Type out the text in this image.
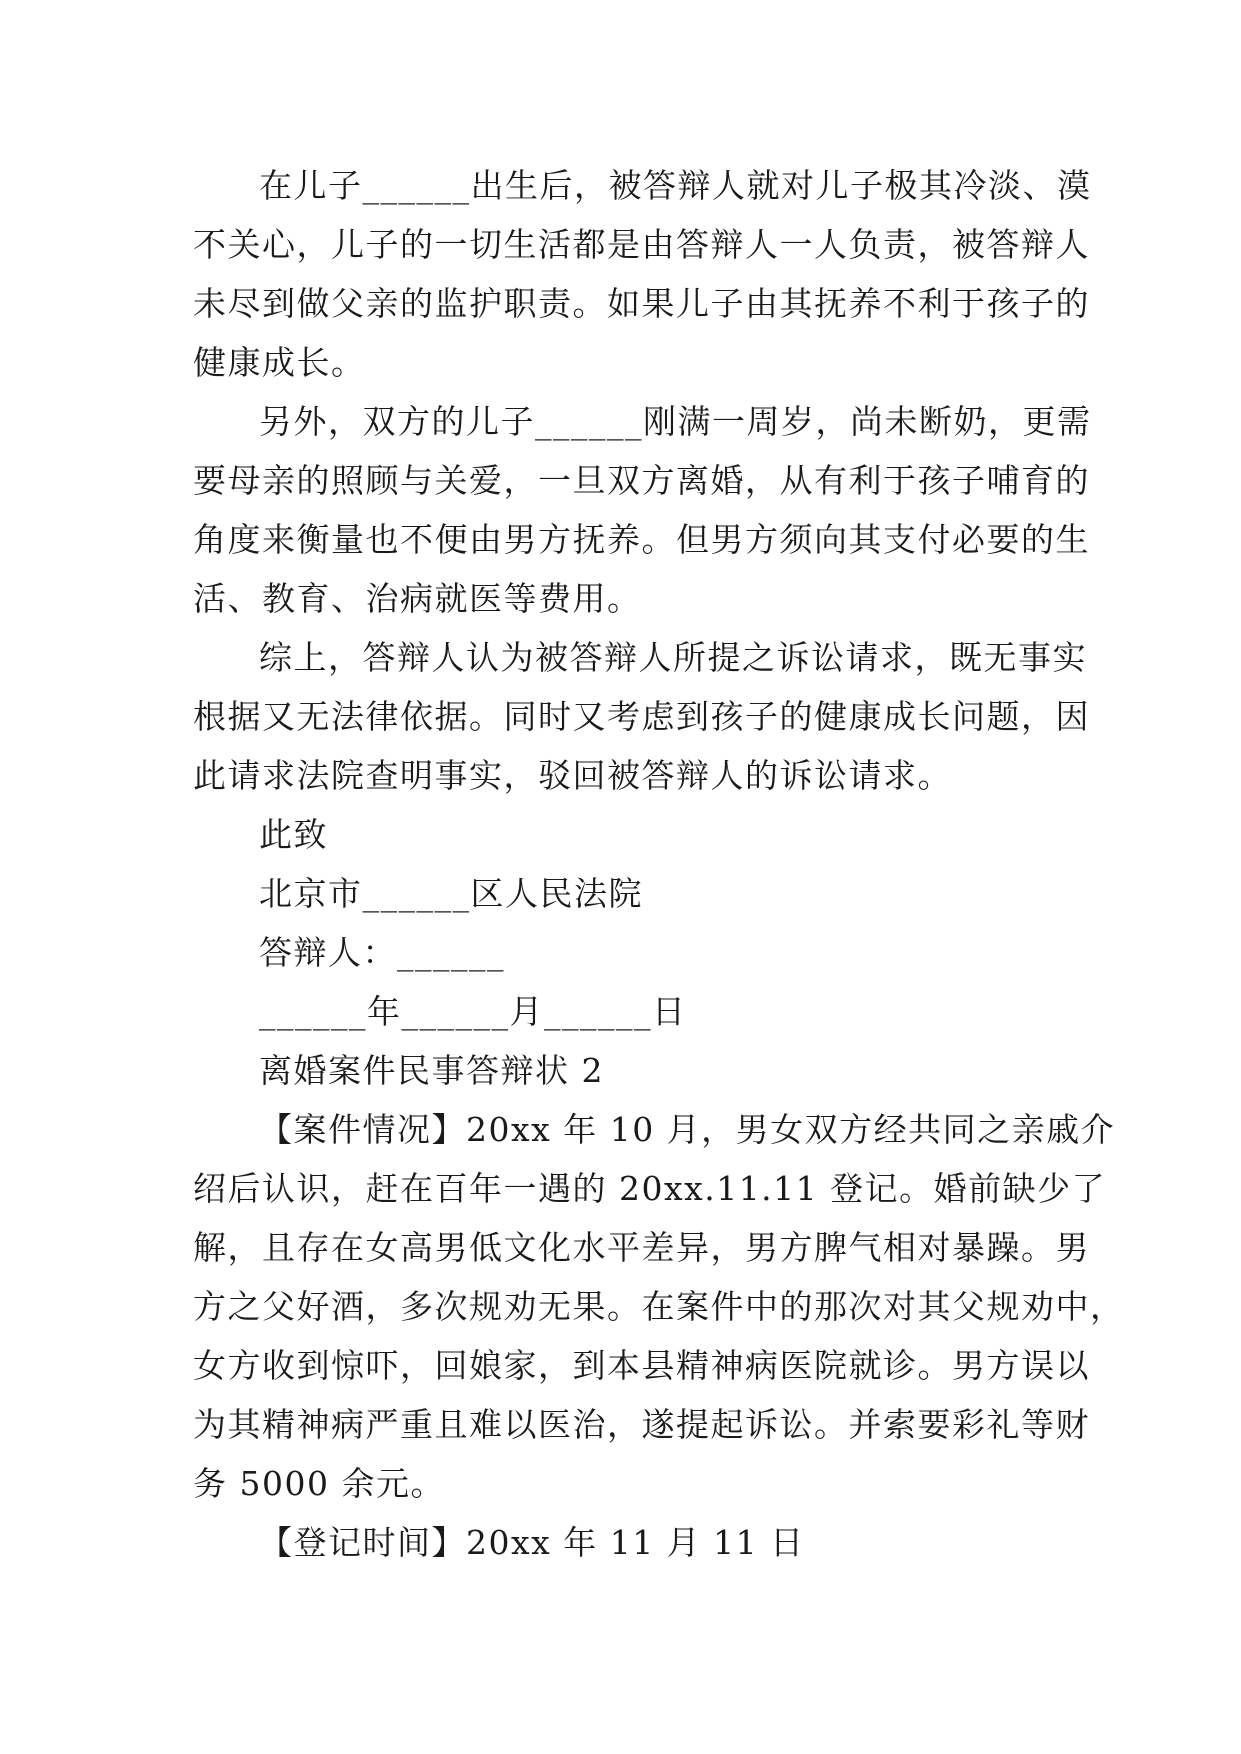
在儿子______出生后，被答辩人就对儿子极其冷淡、漠
不关心，儿子的一切生活都是由答辩人一人负责，被答辩人
未尽到做父亲的监护职责。如果儿子由其抚养不利于孩子的
健康成长。
另外，双方的儿子______刚满一周岁，尚未断奶，更需
要母亲的照顾与关爱，一旦双方离婚，从有利于孩子哺育的
角度来衡量也不便由男方抚养。但男方须向其支付必要的生
活、教育、治病就医等费用。
综上，答辩人认为被答辩人所提之诉讼请求，既无事实
根据又无法律依据。同时又考虑到孩子的健康成长问题，因
此请求法院查明事实，驳回被答辩人的诉讼请求。
此致
北京市______区人民法院
答辩人：______
______年______月______日
离婚案件民事答辩状 2
【案件情况】20xx 年 10 月，男女双方经共同之亲戚介
绍后认识，赶在百年一遇的 20xx.11.11 登记。婚前缺少了
解，且存在女高男低文化水平差异，男方脾气相对暴躁。男
方之父好酒，多次规劝无果。在案件中的那次对其父规劝中，
女方收到惊吓，回娘家，到本县精神病医院就诊。男方误以
为其精神病严重且难以医治，遂提起诉讼。并索要彩礼等财
务 5000 余元。
【登记时间】20xx 年 11 月 11 日
